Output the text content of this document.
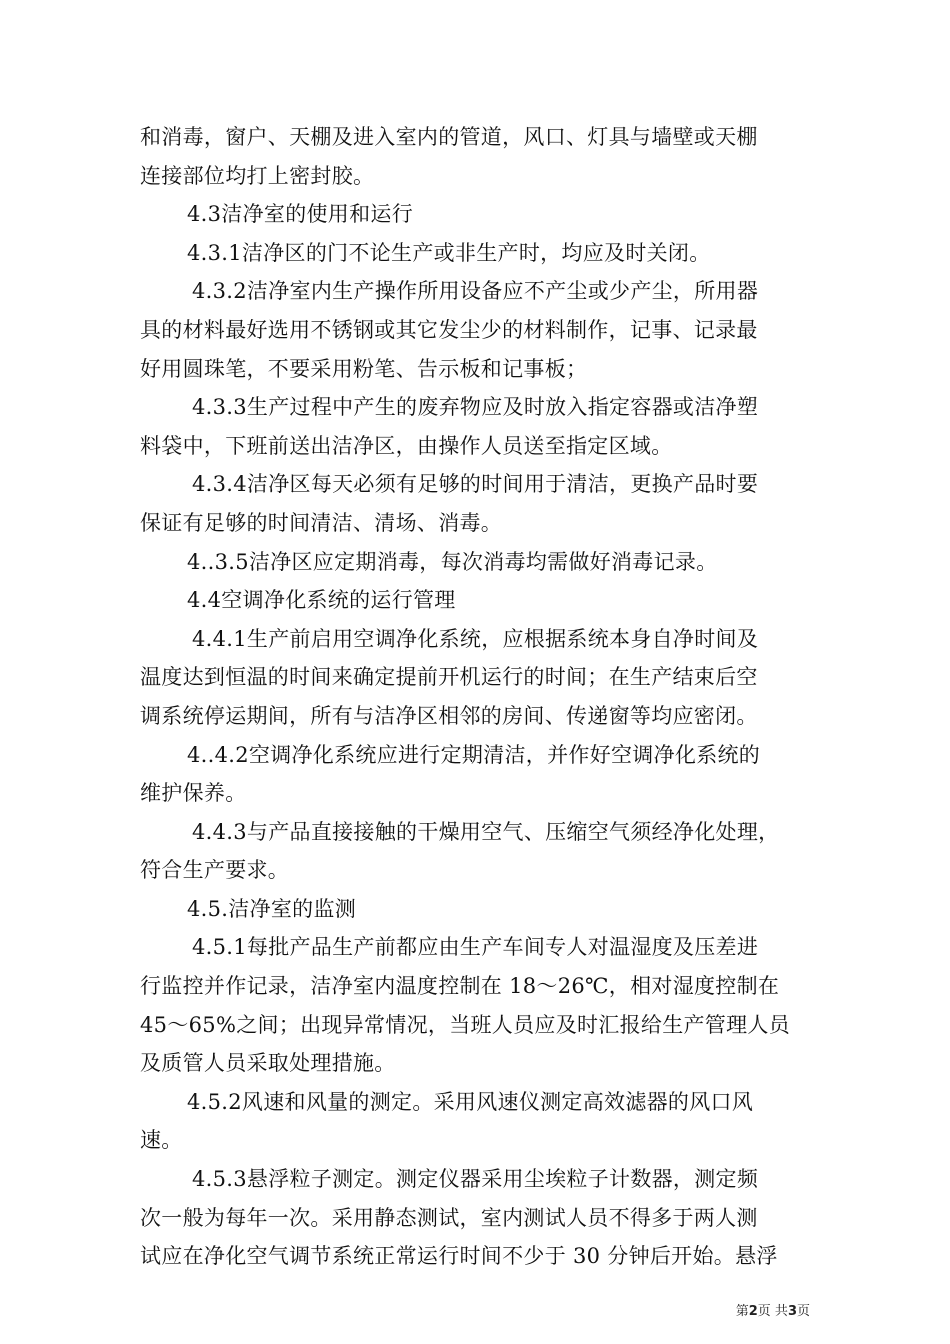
和消毒，窗户、天棚及进入室内的管道，风口、灯具与墙壁或天棚
连接部位均打上密封胶。
4.3洁净室的使用和运行
4.3.1洁净区的门不论生产或非生产时，均应及时关闭。
4.3.2洁净室内生产操作所用设备应不产尘或少产尘，所用器
具的材料最好选用不锈钢或其它发尘少的材料制作，记事、记录最
好用圆珠笔，不要采用粉笔、告示板和记事板；
4.3.3生产过程中产生的废弃物应及时放入指定容器或洁净塑
料袋中，下班前送出洁净区，由操作人员送至指定区域。
4.3.4洁净区每天必须有足够的时间用于清洁，更换产品时要
保证有足够的时间清洁、清场、消毒。
4..3.5洁净区应定期消毒，每次消毒均需做好消毒记录。
4.4空调净化系统的运行管理
4.4.1生产前启用空调净化系统，应根据系统本身自净时间及
温度达到恒温的时间来确定提前开机运行的时间；在生产结束后空
调系统停运期间，所有与洁净区相邻的房间、传递窗等均应密闭。
4..4.2空调净化系统应进行定期清洁，并作好空调净化系统的
维护保养。
4.4.3与产品直接接触的干燥用空气、压缩空气须经净化处理，
符合生产要求。
4.5.洁净室的监测
4.5.1每批产品生产前都应由生产车间专人对温湿度及压差进
行监控并作记录，洁净室内温度控制在 18～26℃，相对湿度控制在
45～65%之间；出现异常情况，当班人员应及时汇报给生产管理人员
及质管人员采取处理措施。
4.5.2风速和风量的测定。采用风速仪测定高效滤器的风口风
速。
4.5.3悬浮粒子测定。测定仪器采用尘埃粒子计数器，测定频
次一般为每年一次。采用静态测试，室内测试人员不得多于两人测
试应在净化空气调节系统正常运行时间不少于 30 分钟后开始。悬浮
第2页 共3页
